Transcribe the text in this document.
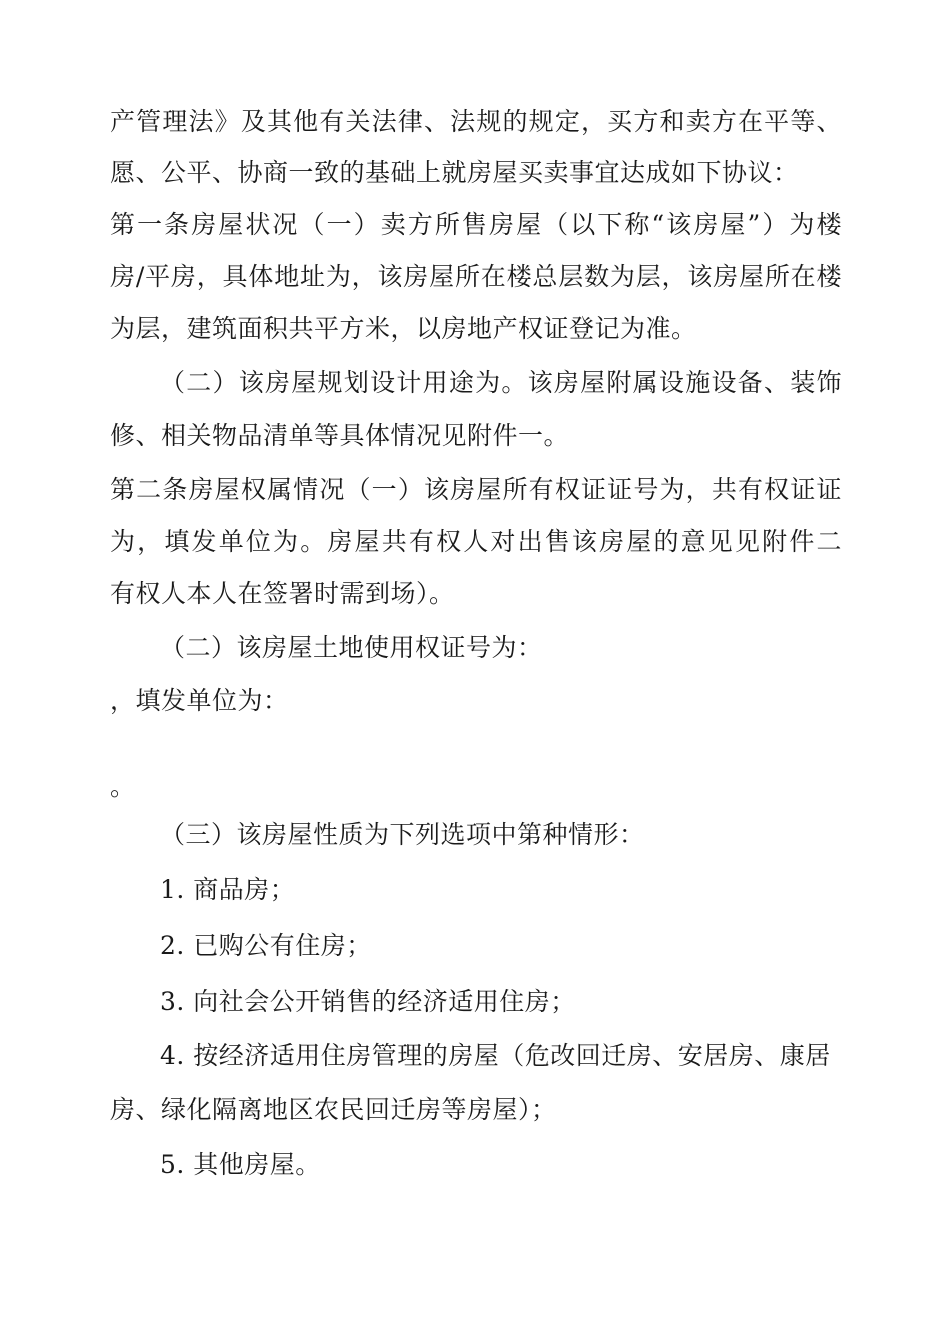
产管理法》及其他有关法律、法规的规定，买方和卖方在平等、
愿、公平、协商一致的基础上就房屋买卖事宜达成如下协议：
第一条房屋状况（一）卖方所售房屋（以下称“该房屋”）为楼
房/平房，具体地址为，该房屋所在楼总层数为层，该房屋所在楼
为层，建筑面积共平方米，以房地产权证登记为准。
（二）该房屋规划设计用途为。该房屋附属设施设备、装饰
修、相关物品清单等具体情况见附件一。
第二条房屋权属情况（一）该房屋所有权证证号为，共有权证证
为，填发单位为。房屋共有权人对出售该房屋的意见见附件二
有权人本人在签署时需到场）。
（二）该房屋土地使用权证号为：
，填发单位为：
。
（三）该房屋性质为下列选项中第种情形：
1. 商品房；
2. 已购公有住房；
3. 向社会公开销售的经济适用住房；
4. 按经济适用住房管理的房屋（危改回迁房、安居房、康居
房、绿化隔离地区农民回迁房等房屋）；
5. 其他房屋。
